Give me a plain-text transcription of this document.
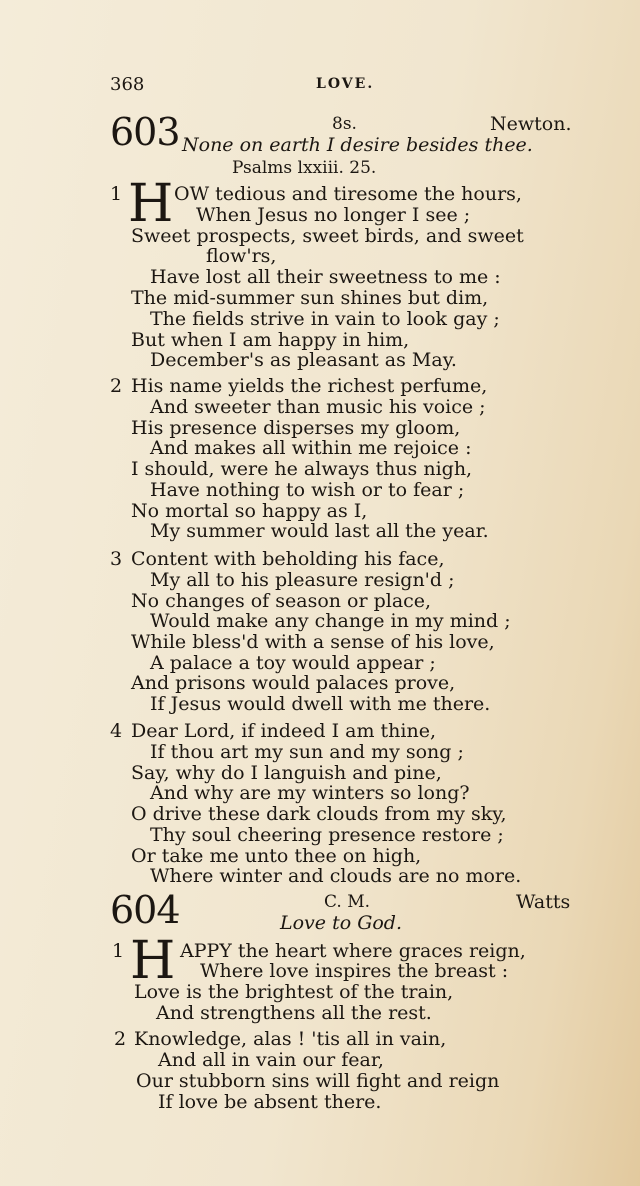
368	LOVE.
603	8s.	Newton.
None on earth I desire besides thee.
Psalms lxxiii. 25.
1 H OW tedious and tiresome the hours,
When Jesus no longer I see ;
Sweet prospects, sweet birds, and sweet
flow'rs,
Have lost all their sweetness to me :
The mid-summer sun shines but dim,
The fields strive in vain to look gay ;
But when I am happy in him,
December's as pleasant as May.
2 His name yields the richest perfume,
And sweeter than music his voice ;
His presence disperses my gloom,
And makes all within me rejoice :
I should, were he always thus nigh,
Have nothing to wish or to fear ;
No mortal so happy as I,
My summer would last all the year.
3 Content with beholding his face,
My all to his pleasure resign'd ;
No changes of season or place,
Would make any change in my mind ;
While bless'd with a sense of his love,
A palace a toy would appear ;
And prisons would palaces prove,
If Jesus would dwell with me there.
4 Dear Lord, if indeed I am thine,
If thou art my sun and my song ;
Say, why do I languish and pine,
And why are my winters so long?
O drive these dark clouds from my sky,
Thy soul cheering presence restore ;
Or take me unto thee on high,
Where winter and clouds are no more.
604	C. M.	Watts
Love to God.
1 H APPY the heart where graces reign,
Where love inspires the breast :
Love is the brightest of the train,
And strengthens all the rest.
2 Knowledge, alas ! 'tis all in vain,
And all in vain our fear,
Our stubborn sins will fight and reign
If love be absent there.
